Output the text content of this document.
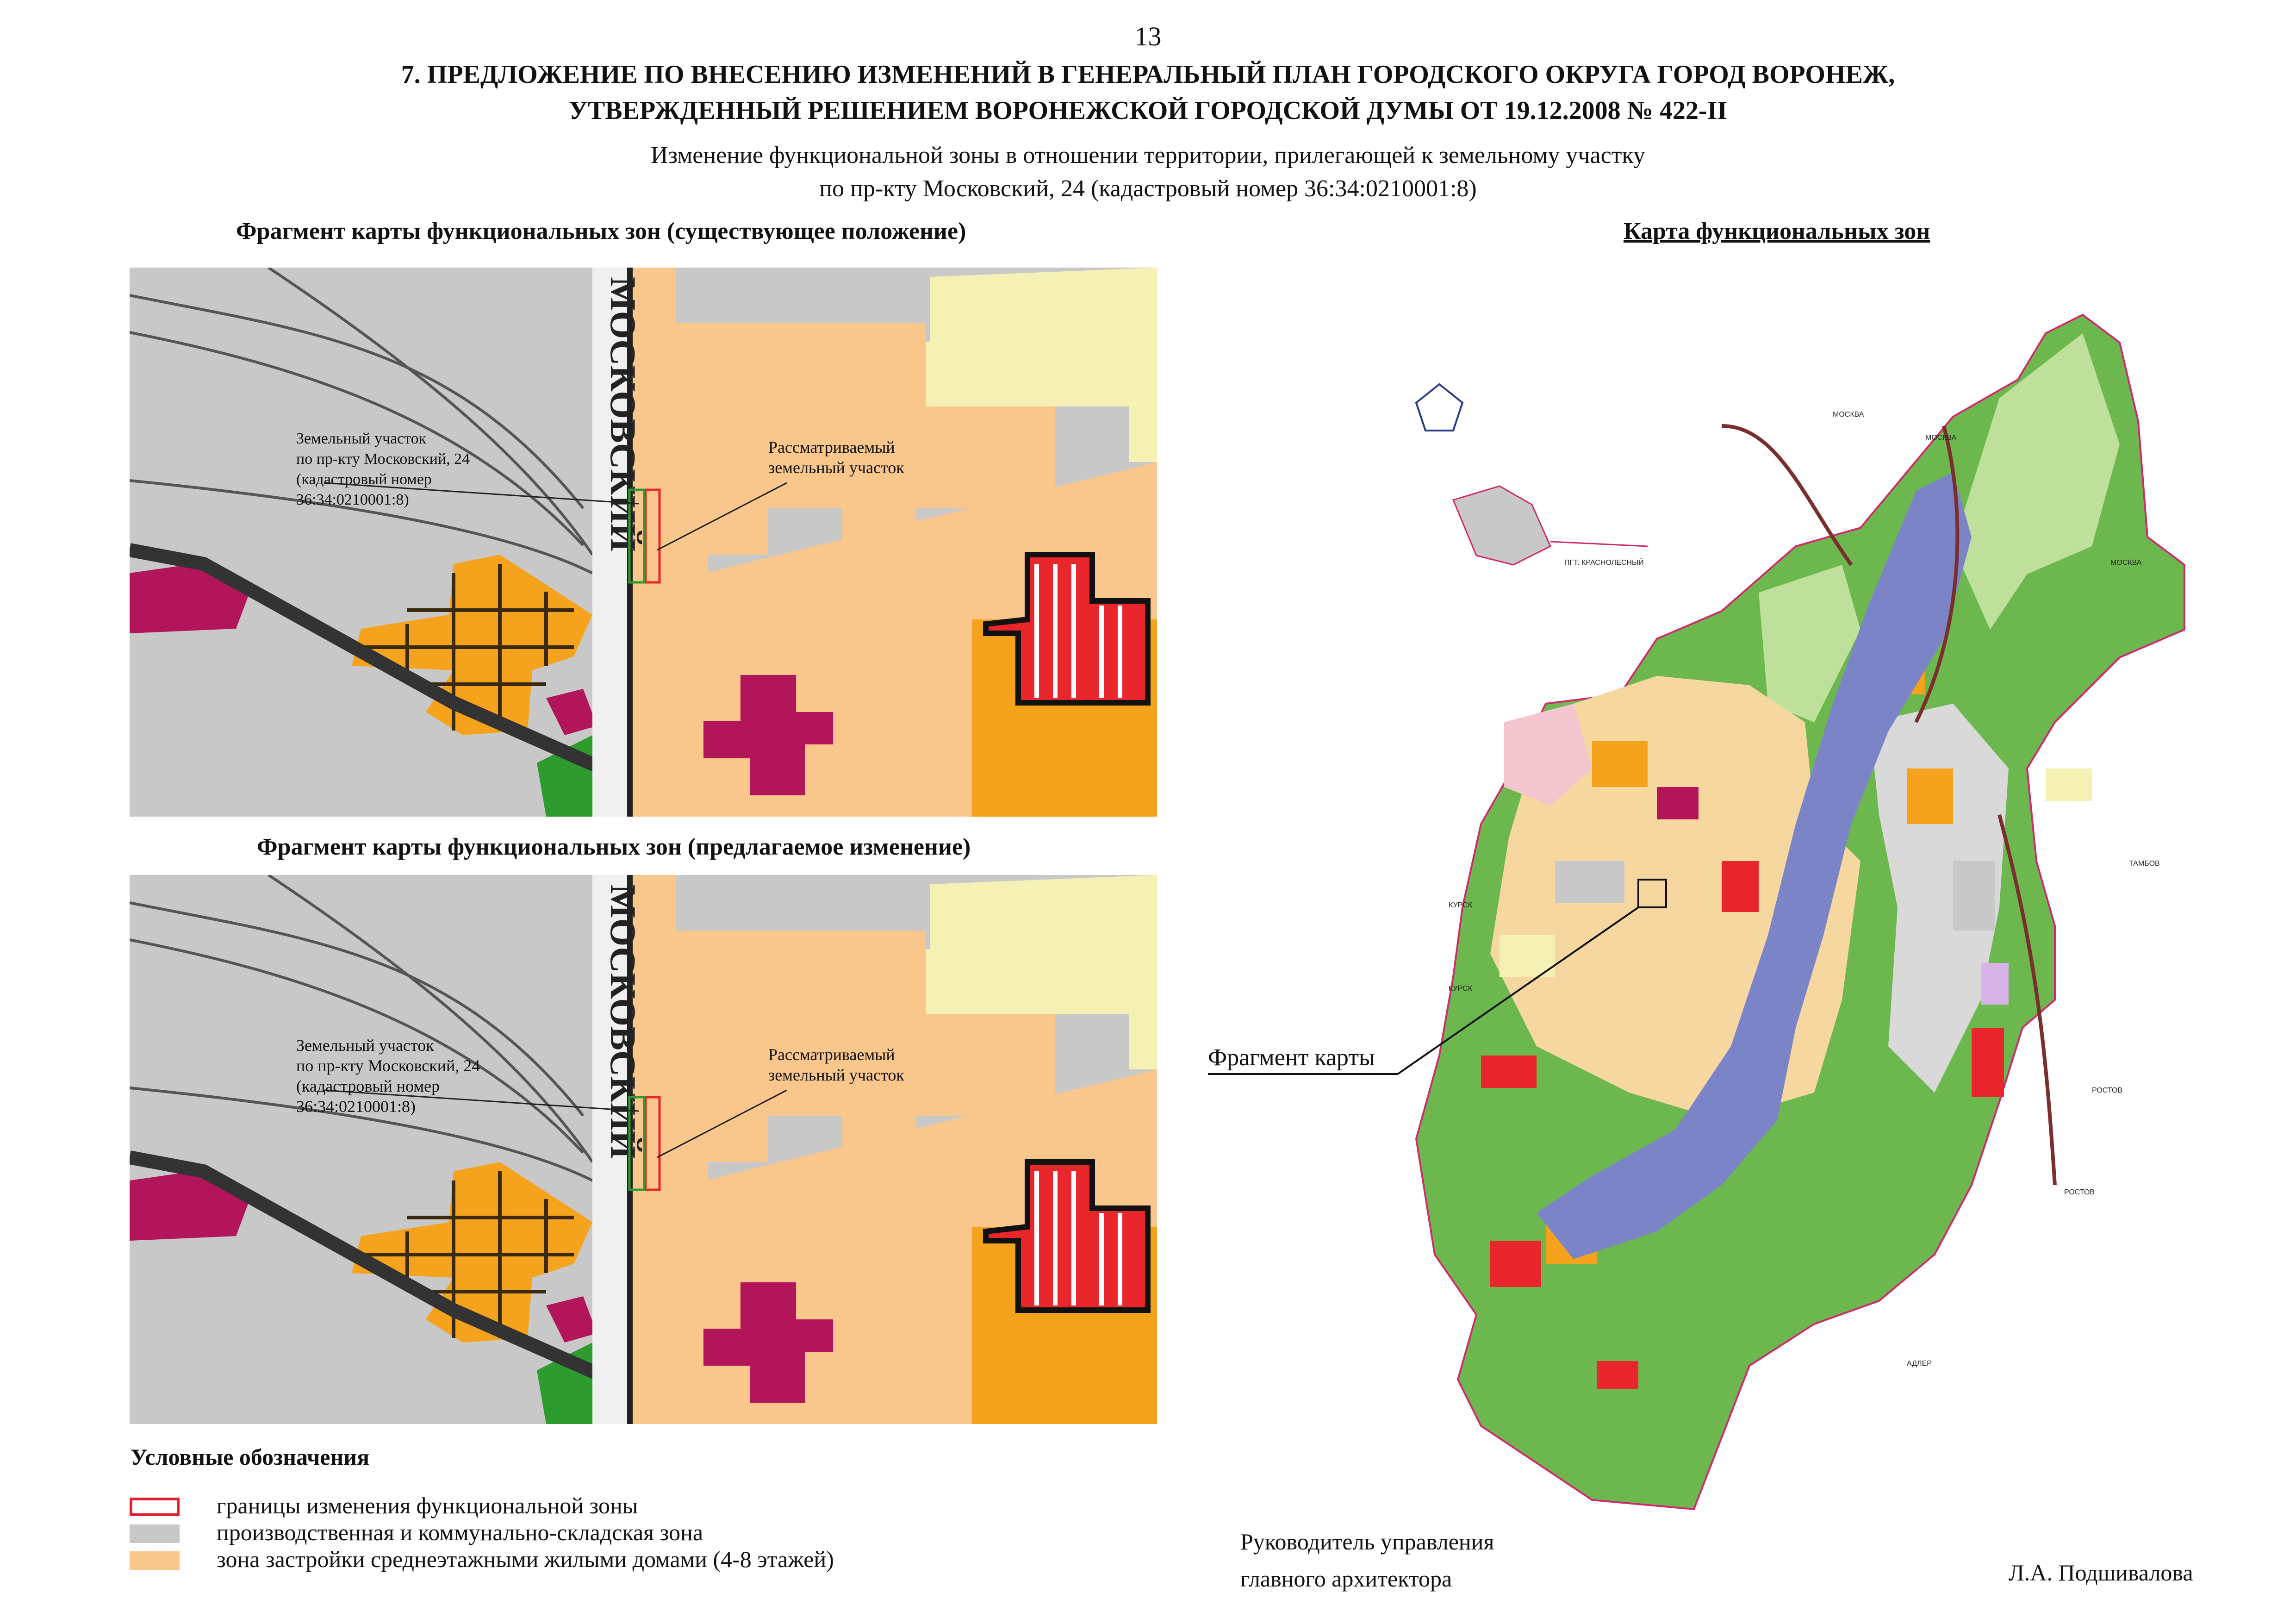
13
7. ПРЕДЛОЖЕНИЕ ПО ВНЕСЕНИЮ ИЗМЕНЕНИЙ В ГЕНЕРАЛЬНЫЙ ПЛАН ГОРОДСКОГО ОКРУГА ГОРОД ВОРОНЕЖ,
УТВЕРЖДЕННЫЙ РЕШЕНИЕМ ВОРОНЕЖСКОЙ ГОРОДСКОЙ ДУМЫ ОТ 19.12.2008 № 422-II
Изменение функциональной зоны в отношении территории, прилегающей к земельному участку
по пр-кту Московский, 24 (кадастровый номер 36:34:0210001:8)
Фрагмент карты функциональных зон (существующее положение)
Фрагмент карты функциональных зон (предлагаемое изменение)
Карта функциональных зон
МОСКОВСКИЙ
Земельный участок по пр-кту Московский, 24 (кадастровый номер 36:34:0210001:8)
Рассматриваемый земельный участок
МОСКОВСКИЙ
Земельный участок по пр-кту Московский, 24 (кадастровый номер 36:34:0210001:8)
Рассматриваемый земельный участок
МОСКВА
МОСКВА
ПГТ. КРАСНОЛЕСНЫЙ	МОСКВА
КУРСК
КУРСК
ТАМБОВ
РОСТОВ
РОСТОВ
АДЛЕР
Фрагмент карты
Условные обозначения
границы изменения функциональной зоны
производственная и коммунально-складская зона
зона застройки среднеэтажными жилыми домами (4-8 этажей)
Руководитель управления
главного архитектора	Л.А. Подшивалова
